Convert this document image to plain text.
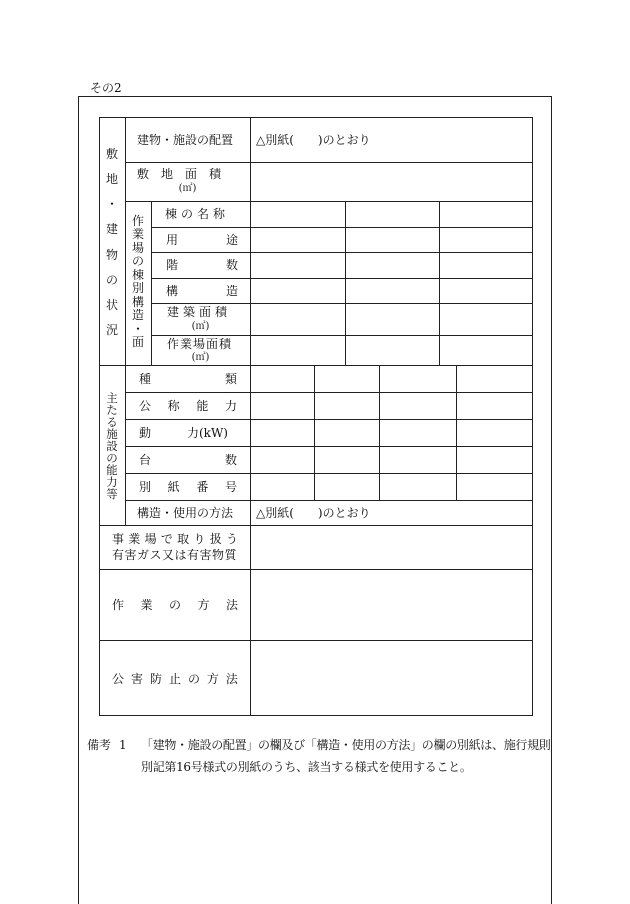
その2
敷
地
・
建
物
の
状
況
建物・施設の配置 △別紙(　　)のとおり
敷　地　面　積
(㎡)
作
業
場
の
棟
別
構
造
・
面
棟の名称
用	途
階	数
構	造
建築面積
(㎡)
作業場面積
(㎡)
主
た
る
施
設
の
能
力
等
種	類
公 称 能 力
動　　　力(kW)
台	数
別 紙 番 号
構造・使用の方法 △別紙(　　)のとおり
事 業 場 で 取 り 扱 う
有害ガス又は有害物質
作 業 の 方 法
公 害 防 止 の 方 法
備考 1 「建物・施設の配置」の欄及び「構造・使用の方法」の欄の別紙は、施行規則
別記第16号様式の別紙のうち、該当する様式を使用すること。
